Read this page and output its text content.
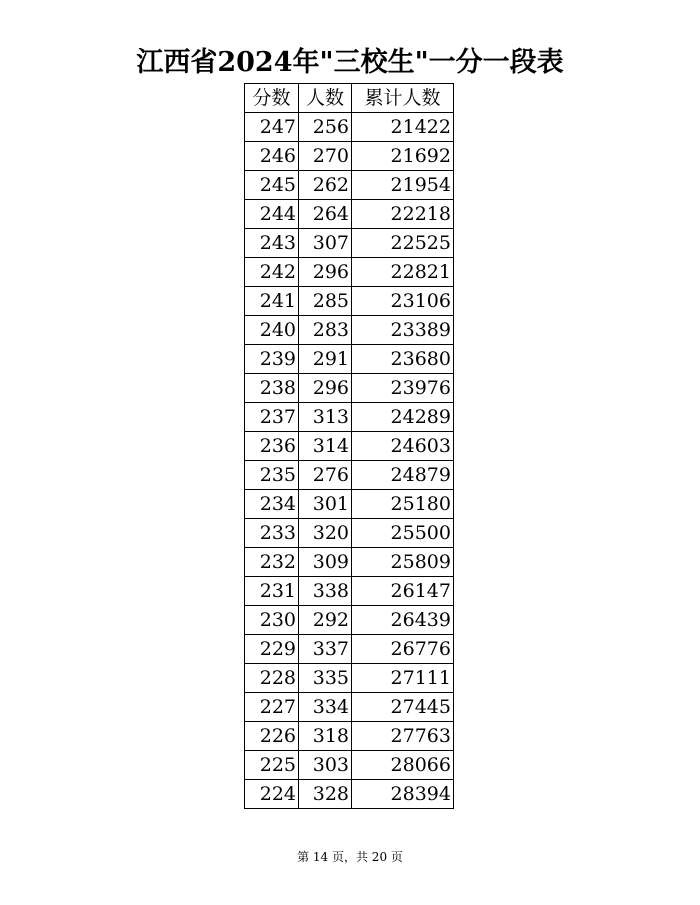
江西省2024年"三校生"一分一段表
分数	人数	累计人数
247	256	21422
246	270	21692
245	262	21954
244	264	22218
243	307	22525
242	296	22821
241	285	23106
240	283	23389
239	291	23680
238	296	23976
237	313	24289
236	314	24603
235	276	24879
234	301	25180
233	320	25500
232	309	25809
231	338	26147
230	292	26439
229	337	26776
228	335	27111
227	334	27445
226	318	27763
225	303	28066
224	328	28394
第 14 页，共 20 页
